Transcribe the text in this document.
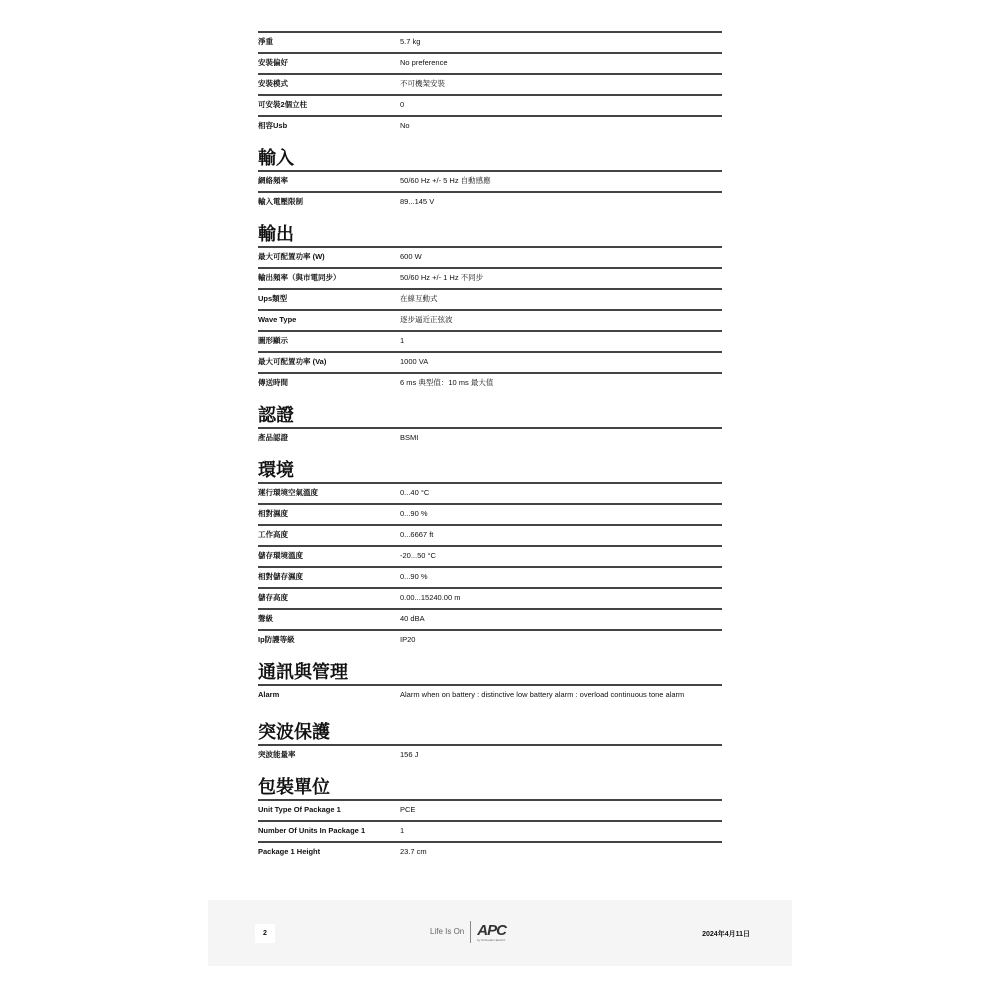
淨重	5.7 kg
安裝偏好	No preference
安裝模式	不可機架安裝
可安裝2個立柱	0
相容Usb	No
輸入
網絡頻率	50/60 Hz +/- 5 Hz 自動感應
輸入電壓限制	89...145 V
輸出
最大可配置功率 (W)	600 W
輸出頻率（與市電同步）	50/60 Hz +/- 1 Hz 不同步
Ups類型	在線互動式
Wave Type	逐步逼近正弦波
圖形顯示	1
最大可配置功率 (Va)	1000 VA
傳送時間	6 ms 典型值：10 ms 最大值
認證
產品認證	BSMI
環境
運行環境空氣溫度	0...40 °C
相對濕度	0...90 %
工作高度	0...6667 ft
儲存環境溫度	-20...50 °C
相對儲存濕度	0...90 %
儲存高度	0.00...15240.00 m
聲級	40 dBA
Ip防護等級	IP20
通訊與管理
Alarm	Alarm when on battery : distinctive low battery alarm : overload continuous tone alarm
突波保護
突波能量率	156 J
包裝單位
Unit Type Of Package 1	PCE
Number Of Units In Package 1	1
Package 1 Height	23.7 cm
2	Life Is On APC
by Schneider Electric
2024年4月11日
